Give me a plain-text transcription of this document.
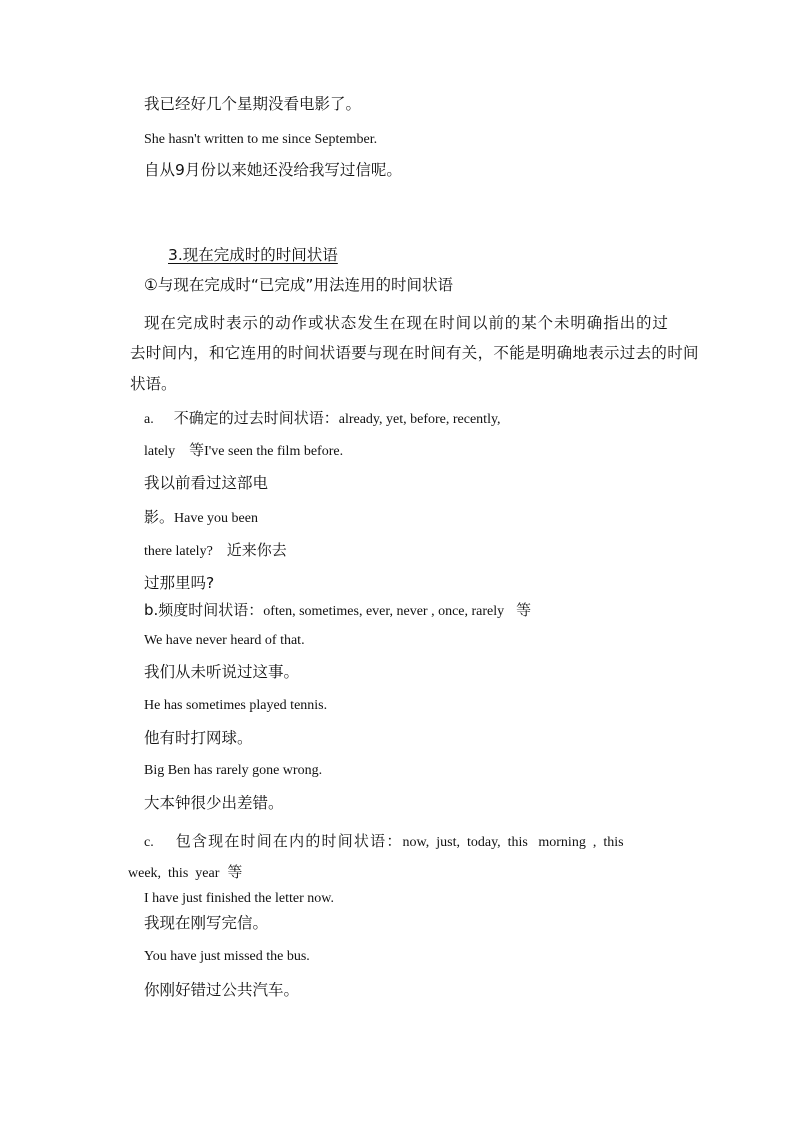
我已经好几个星期没看电影了。
She hasn't written to me since September.
自从9月份以来她还没给我写过信呢。
3.现在完成时的时间状语
①与现在完成时“已完成”用法连用的时间状语
现在完成时表示的动作或状态发生在现在时间以前的某个未明确指出的过
去时间内，和它连用的时间状语要与现在时间有关，不能是明确地表示过去的时间
状语。
a. 不确定的过去时间状语：already, yet, before, recently,
lately 等I've seen the film before.
我以前看过这部电
影。Have you been
there lately? 近来你去
过那里吗?
b.频度时间状语：often, sometimes, ever, never , once, rarely 等
We have never heard of that.
我们从未听说过这事。
He has sometimes played tennis.
他有时打网球。
Big Ben has rarely gone wrong.
大本钟很少出差错。
c. 包含现在时间在内的时间状语：now,  just,  today,  this   morning  ,  this
week,  this  year 等
I have just finished the letter now.
我现在刚写完信。
You have just missed the bus.
你刚好错过公共汽车。
